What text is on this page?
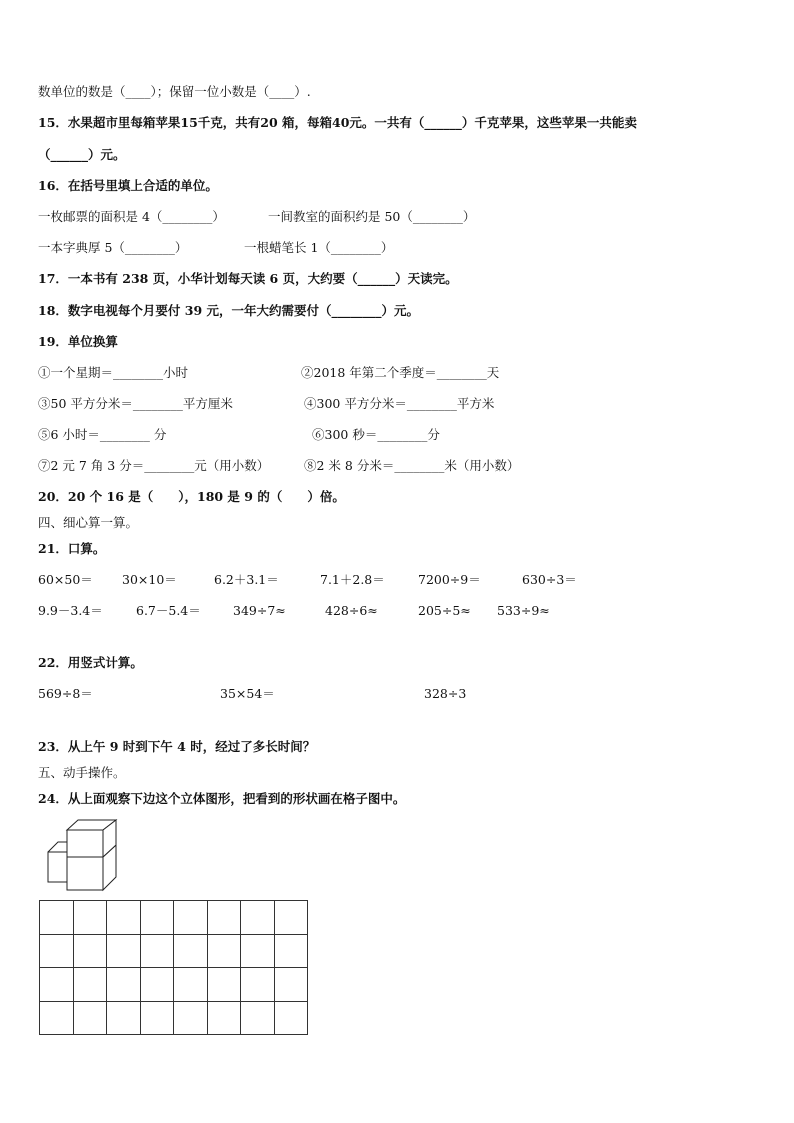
数单位的数是（____）；保留一位小数是（____）.
15．水果超市里每箱苹果15千克，共有20 箱，每箱40元。一共有（______）千克苹果，这些苹果一共能卖
（______）元。
16．在括号里填上合适的单位。
一枚邮票的面积是 4（________）	一间教室的面积约是 50（________）
一本字典厚 5（________）	一根蜡笔长 1（________）
17．一本书有 238 页，小华计划每天读 6 页，大约要（______）天读完。
18．数字电视每个月要付 39 元，一年大约需要付（________）元。
19．单位换算
①一个星期＝________小时	②2018 年第二个季度＝________天
③50 平方分米＝________平方厘米	④300 平方分米＝________平方米
⑤6 小时＝________ 分	⑥300 秒＝________分
⑦2 元 7 角 3 分＝________元（用小数）	⑧2 米 8 分米＝________米（用小数）
20．20 个 16 是（　　），180 是 9 的（　　）倍。
四、细心算一算。
21．口算。
60×50＝ 30×10＝	6.2＋3.1＝	7.1＋2.8＝	7200÷9＝	630÷3＝
9.9－3.4＝	6.7－5.4＝	349÷7≈	428÷6≈	205÷5≈ 533÷9≈
22．用竖式计算。
569÷8＝	35×54＝	328÷3
23．从上午 9 时到下午 4 时，经过了多长时间？
五、动手操作。
24．从上面观察下边这个立体图形，把看到的形状画在格子图中。
